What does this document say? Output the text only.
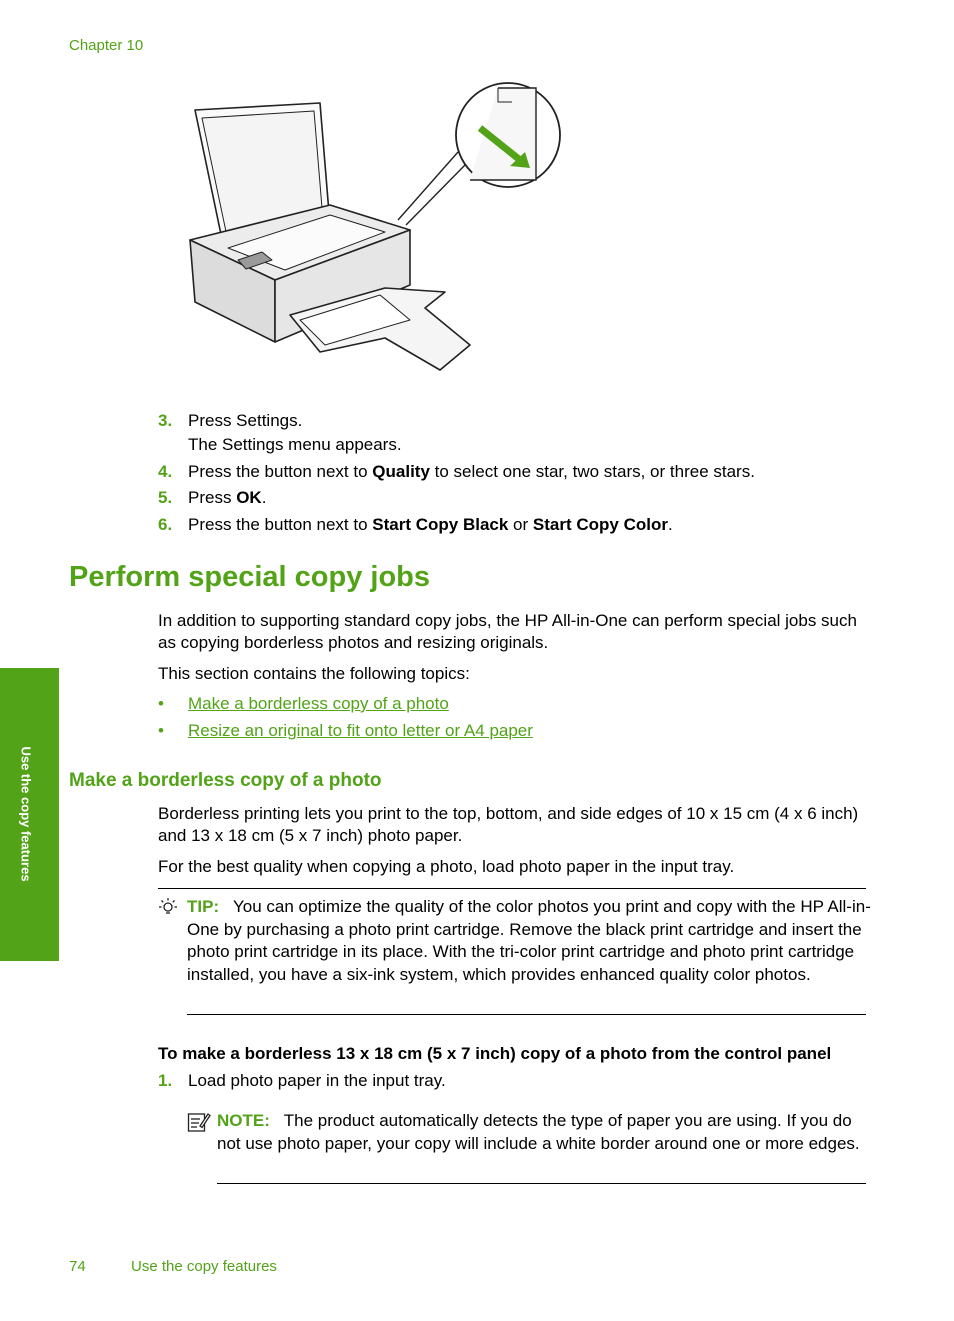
Chapter 10
3. Press Settings.
The Settings menu appears.
4. Press the button next to Quality to select one star, two stars, or three stars.
5. Press OK.
6. Press the button next to Start Copy Black or Start Copy Color.
Perform special copy jobs
In addition to supporting standard copy jobs, the HP All-in-One can perform special jobs such as copying borderless photos and resizing originals.
This section contains the following topics:
• Make a borderless copy of a photo
• Resize an original to fit onto letter or A4 paper
Make a borderless copy of a photo
Borderless printing lets you print to the top, bottom, and side edges of 10 x 15 cm (4 x 6 inch) and 13 x 18 cm (5 x 7 inch) photo paper.
For the best quality when copying a photo, load photo paper in the input tray.
TIP: You can optimize the quality of the color photos you print and copy with the HP All-in-One by purchasing a photo print cartridge. Remove the black print cartridge and insert the photo print cartridge in its place. With the tri-color print cartridge and photo print cartridge installed, you have a six-ink system, which provides enhanced quality color photos.
To make a borderless 13 x 18 cm (5 x 7 inch) copy of a photo from the control panel
1. Load photo paper in the input tray.
NOTE: The product automatically detects the type of paper you are using. If you do not use photo paper, your copy will include a white border around one or more edges.
Use the copy features
74	Use the copy features
